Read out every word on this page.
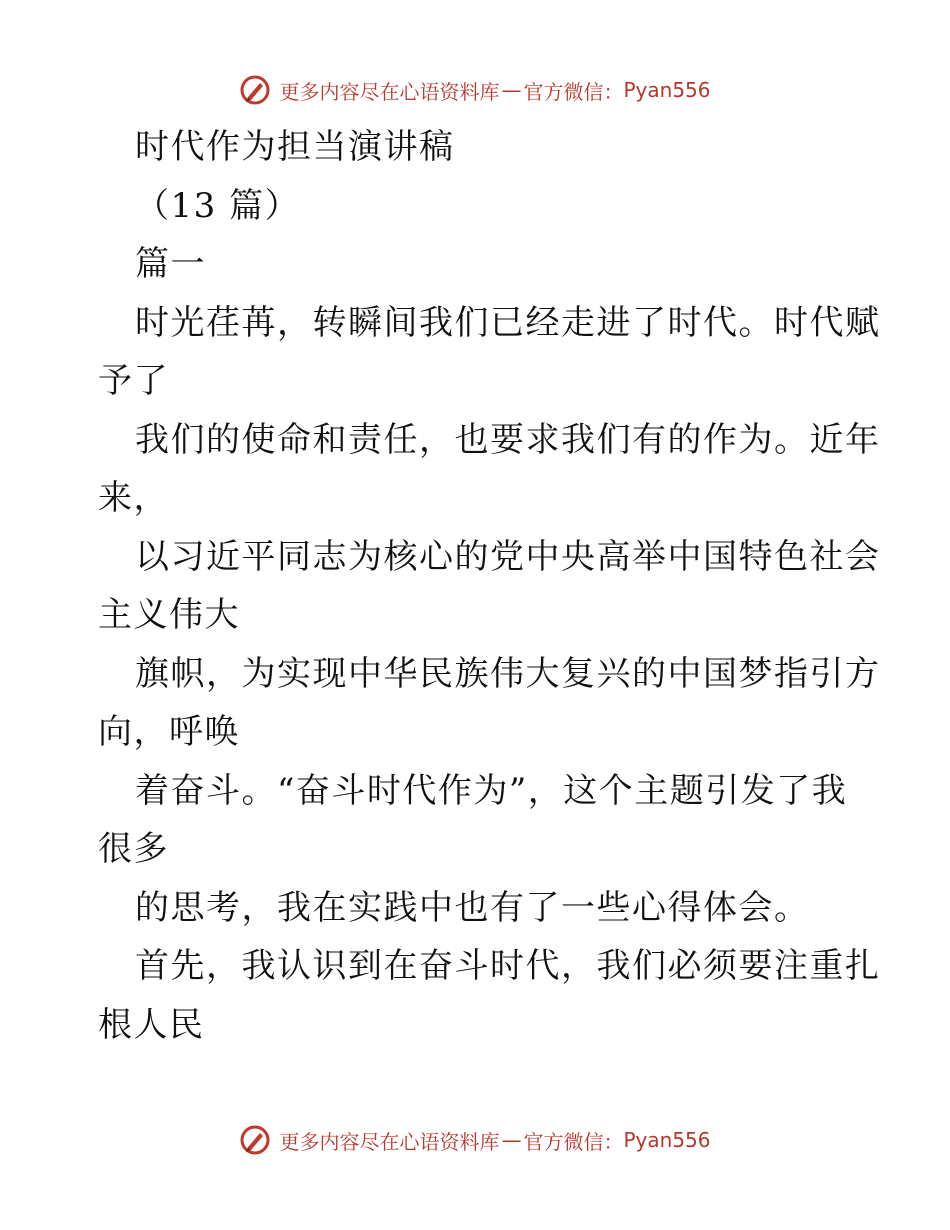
更多内容尽在心语资料库 — 官方微信： Pyan556
时代作为担当演讲稿
（13 篇）
篇一
时光荏苒，转瞬间我们已经走进了时代。时代赋
予了
我们的使命和责任，也要求我们有的作为。近年
来，
以习近平同志为核心的党中央高举中国特色社会
主义伟大
旗帜，为实现中华民族伟大复兴的中国梦指引方
向，呼唤
着奋斗。“奋斗时代作为”，这个主题引发了我
很多
的思考，我在实践中也有了一些心得体会。
首先，我认识到在奋斗时代，我们必须要注重扎
根人民
更多内容尽在心语资料库 — 官方微信： Pyan556
